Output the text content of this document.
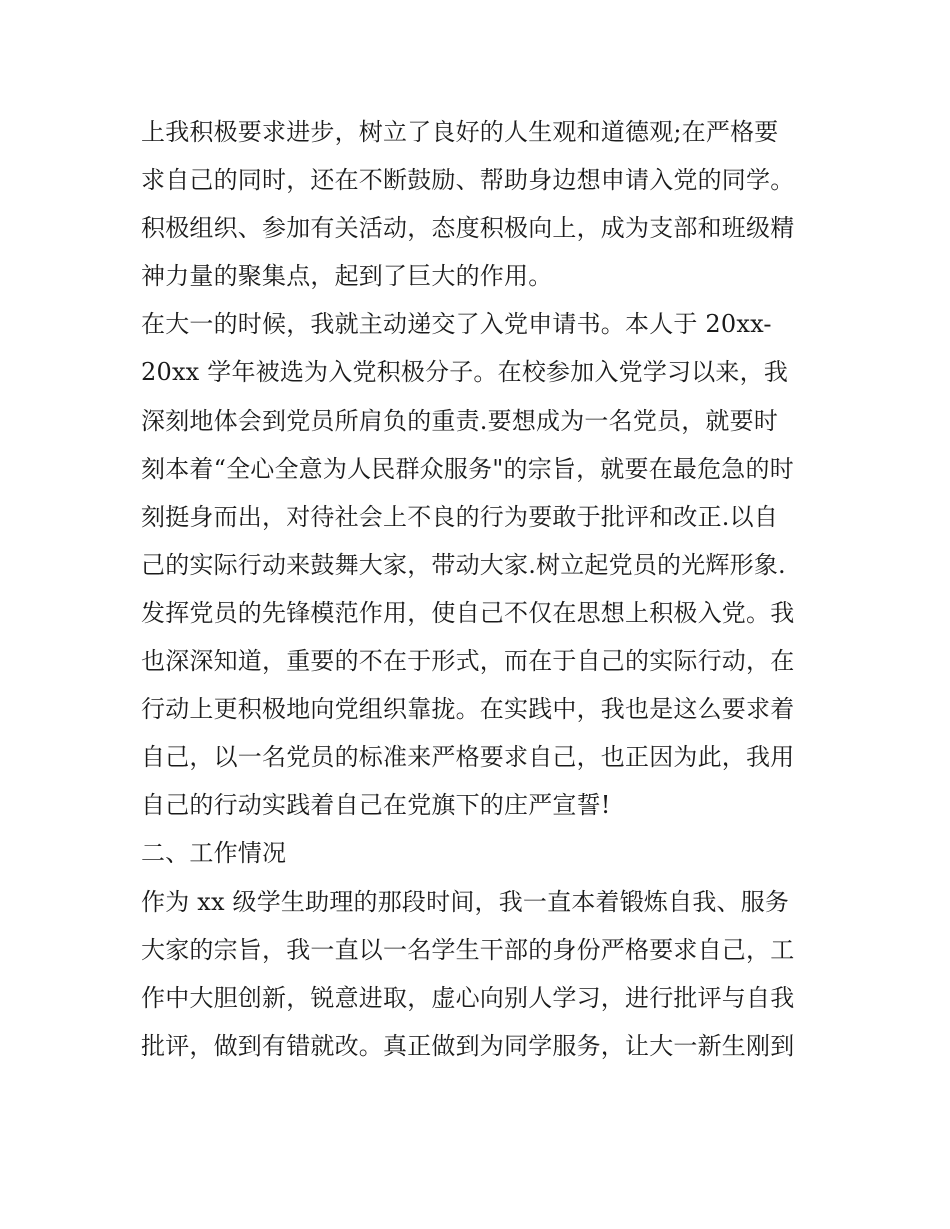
上我积极要求进步，树立了良好的人生观和道德观;在严格要
求自己的同时，还在不断鼓励、帮助身边想申请入党的同学。
积极组织、参加有关活动，态度积极向上，成为支部和班级精
神力量的聚集点，起到了巨大的作用。
在大一的时候，我就主动递交了入党申请书。本人于 20xx-
20xx 学年被选为入党积极分子。在校参加入党学习以来，我
深刻地体会到党员所肩负的重责.要想成为一名党员，就要时
刻本着“全心全意为人民群众服务"的宗旨，就要在最危急的时
刻挺身而出，对待社会上不良的行为要敢于批评和改正.以自
己的实际行动来鼓舞大家，带动大家.树立起党员的光辉形象.
发挥党员的先锋模范作用，使自己不仅在思想上积极入党。我
也深深知道，重要的不在于形式，而在于自己的实际行动，在
行动上更积极地向党组织靠拢。在实践中，我也是这么要求着
自己，以一名党员的标准来严格要求自己，也正因为此，我用
自己的行动实践着自己在党旗下的庄严宣誓!
二、工作情况
作为 xx 级学生助理的那段时间，我一直本着锻炼自我、服务
大家的宗旨，我一直以一名学生干部的身份严格要求自己，工
作中大胆创新，锐意进取，虚心向别人学习，进行批评与自我
批评，做到有错就改。真正做到为同学服务，让大一新生刚到
